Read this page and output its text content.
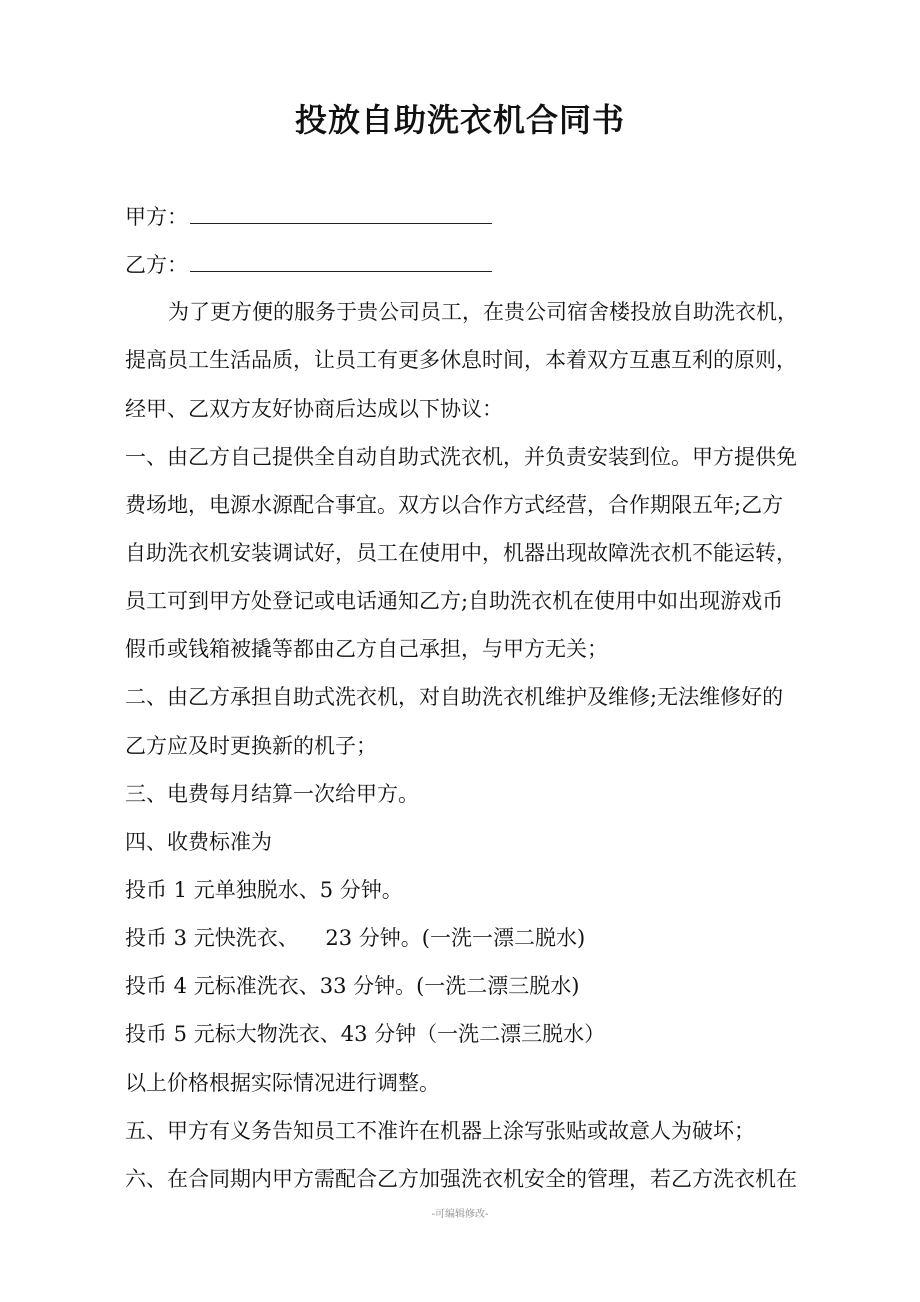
投放自助洗衣机合同书
甲方：
乙方：
为了更方便的服务于贵公司员工，在贵公司宿舍楼投放自助洗衣机，
提高员工生活品质，让员工有更多休息时间，本着双方互惠互利的原则，
经甲、乙双方友好协商后达成以下协议：
一、由乙方自己提供全自动自助式洗衣机，并负责安装到位。甲方提供免
费场地，电源水源配合事宜。双方以合作方式经营，合作期限五年;乙方
自助洗衣机安装调试好，员工在使用中，机器出现故障洗衣机不能运转，
员工可到甲方处登记或电话通知乙方;自助洗衣机在使用中如出现游戏币
假币或钱箱被撬等都由乙方自己承担，与甲方无关；
二、由乙方承担自助式洗衣机，对自助洗衣机维护及维修;无法维修好的
乙方应及时更换新的机子；
三、电费每月结算一次给甲方。
四、收费标准为
投币 1 元单独脱水、5 分钟。
投币 3 元快洗衣、    23 分钟。(一洗一漂二脱水)
投币 4 元标准洗衣、33 分钟。(一洗二漂三脱水)
投币 5 元标大物洗衣、43 分钟（一洗二漂三脱水）
以上价格根据实际情况进行调整。
五、甲方有义务告知员工不准许在机器上涂写张贴或故意人为破坏；
六、在合同期内甲方需配合乙方加强洗衣机安全的管理，若乙方洗衣机在
-可编辑修改-
